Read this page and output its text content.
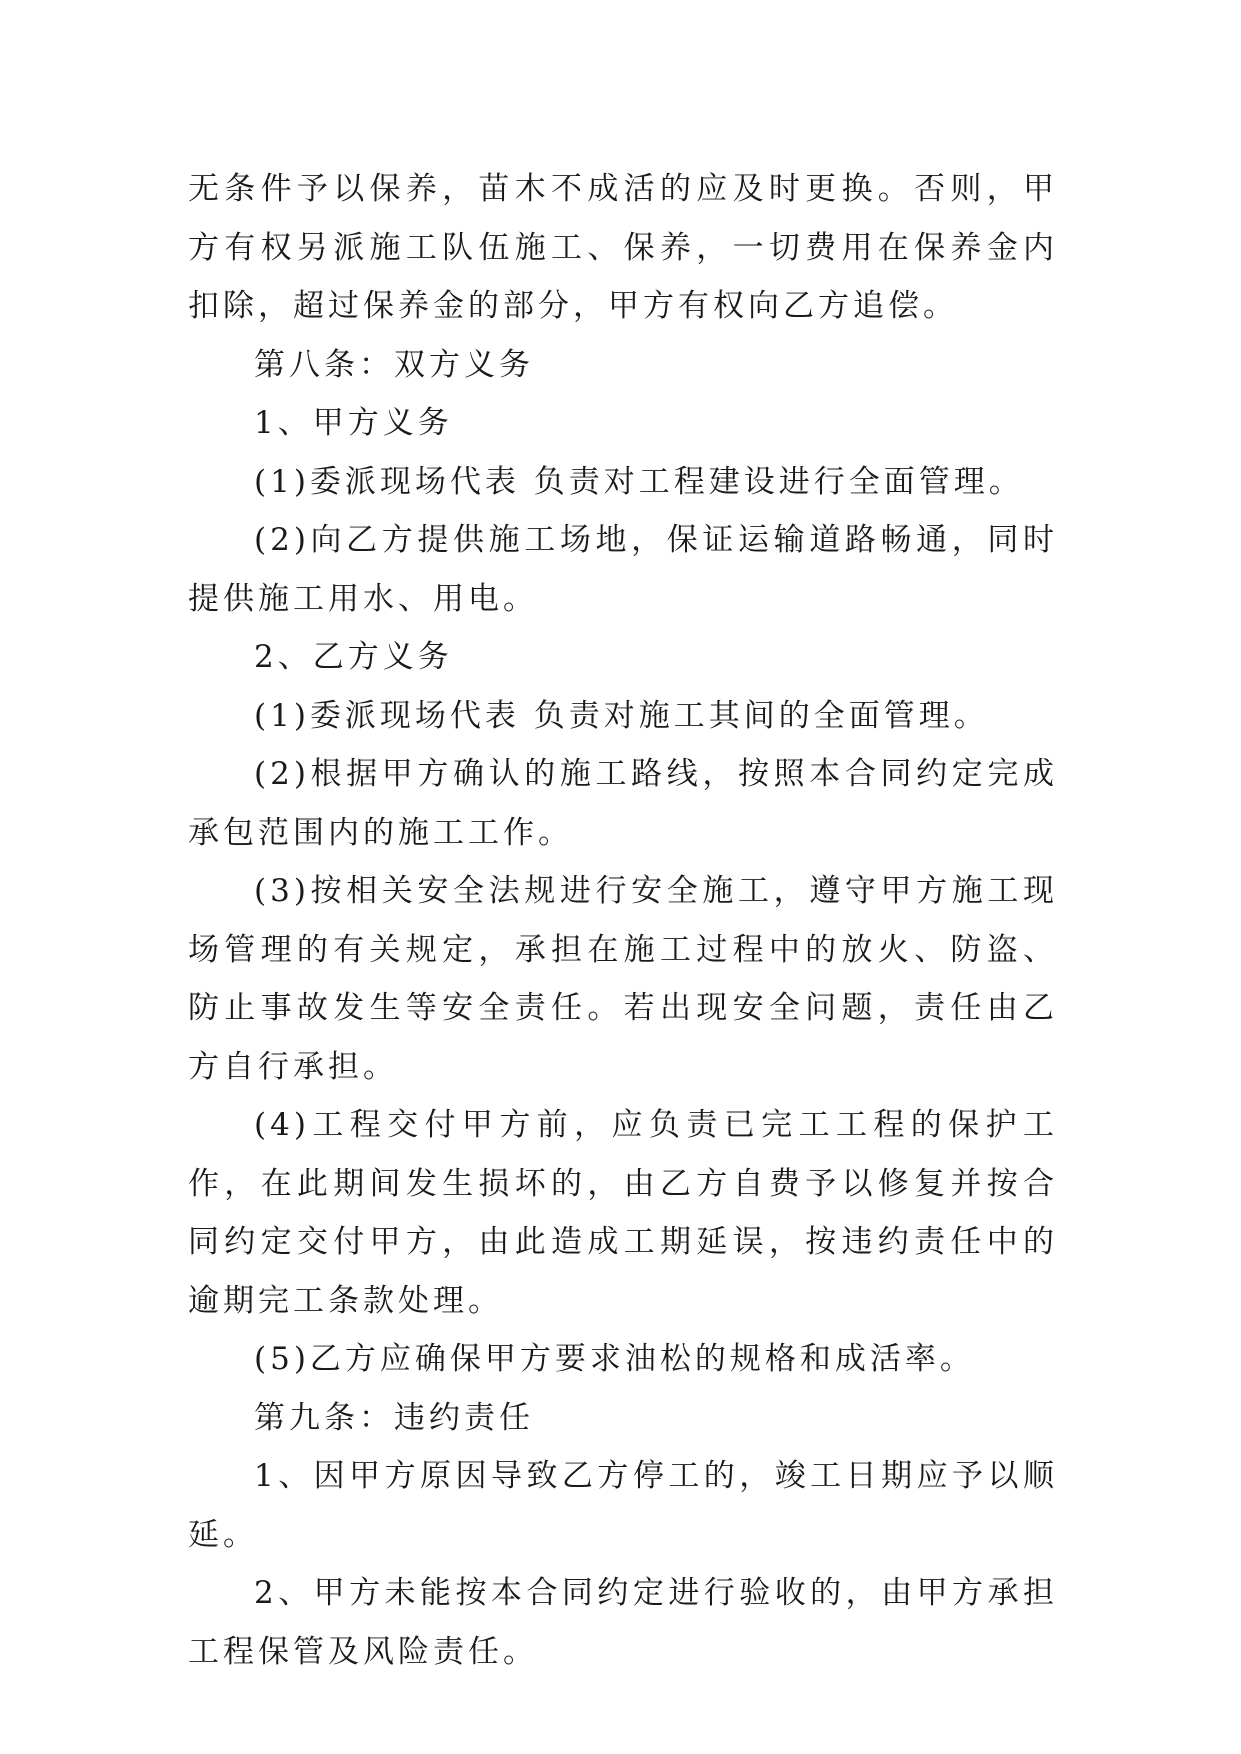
无条件予以保养，苗木不成活的应及时更换。否则，甲方有权另派施工队伍施工、保养，一切费用在保养金内扣除，超过保养金的部分，甲方有权向乙方追偿。

第八条：双方义务

1、甲方义务

(1)委派现场代表 负责对工程建设进行全面管理。

(2)向乙方提供施工场地，保证运输道路畅通，同时提供施工用水、用电。

2、乙方义务

(1)委派现场代表 负责对施工其间的全面管理。

(2)根据甲方确认的施工路线，按照本合同约定完成承包范围内的施工工作。

(3)按相关安全法规进行安全施工，遵守甲方施工现场管理的有关规定，承担在施工过程中的放火、防盗、防止事故发生等安全责任。若出现安全问题，责任由乙方自行承担。

(4)工程交付甲方前，应负责已完工工程的保护工作，在此期间发生损坏的，由乙方自费予以修复并按合同约定交付甲方，由此造成工期延误，按违约责任中的逾期完工条款处理。

(5)乙方应确保甲方要求油松的规格和成活率。

第九条：违约责任

1、因甲方原因导致乙方停工的，竣工日期应予以顺延。

2、甲方未能按本合同约定进行验收的，由甲方承担工程保管及风险责任。
